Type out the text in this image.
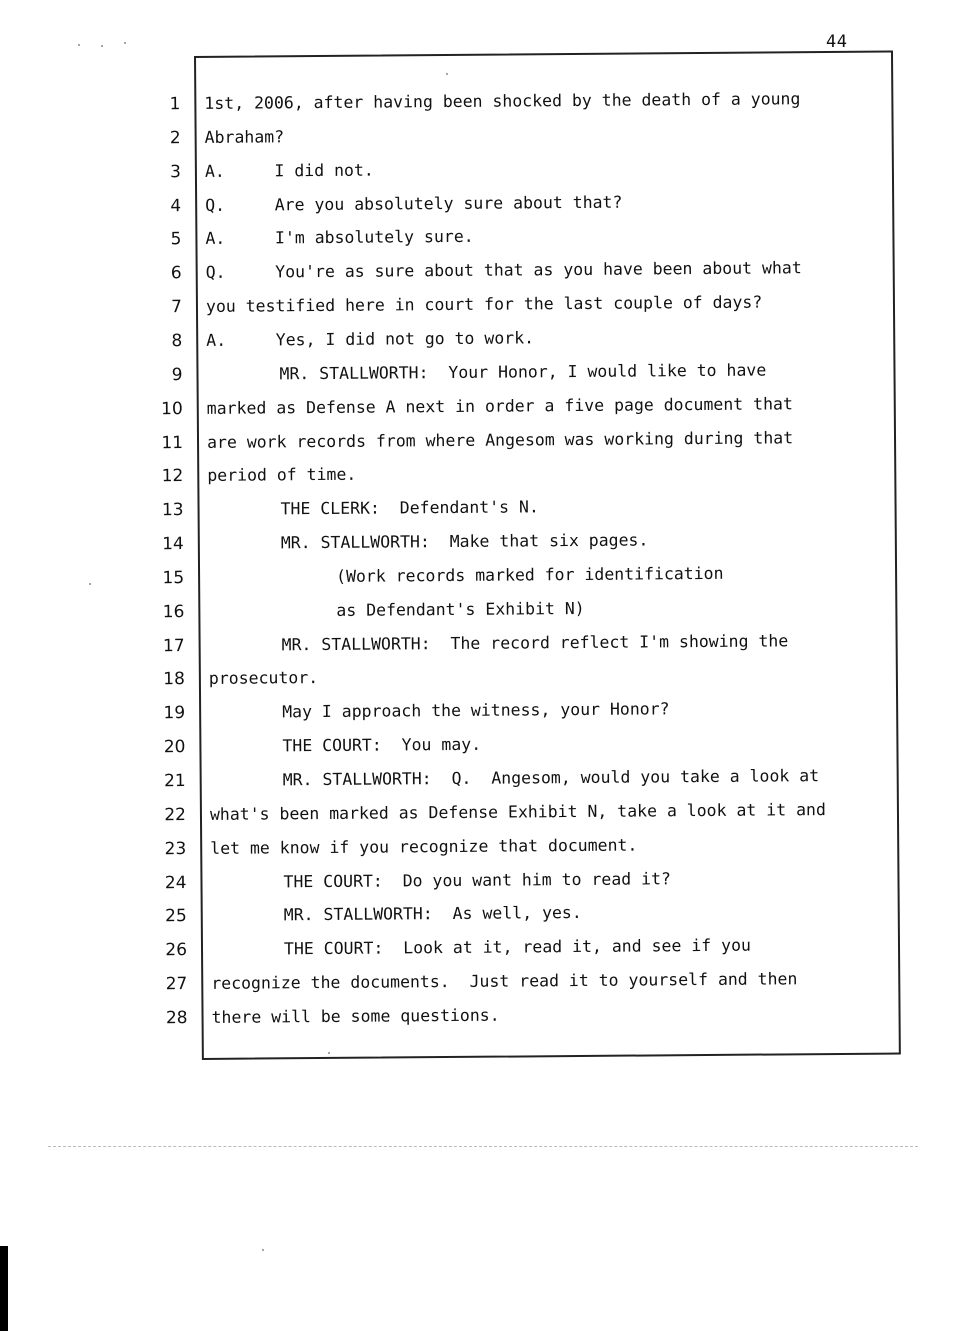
44
1 1st, 2006, after having been shocked by the death of a young
2 Abraham?
3 A.     I did not.
4 Q.     Are you absolutely sure about that?
5 A.     I'm absolutely sure.
6 Q.     You're as sure about that as you have been about what
7 you testified here in court for the last couple of days?
8 A.     Yes, I did not go to work.
9	MR. STALLWORTH:  Your Honor, I would like to have
10 marked as Defense A next in order a five page document that
11 are work records from where Angesom was working during that
12 period of time.
13	THE CLERK:  Defendant's N.
14	MR. STALLWORTH:  Make that six pages.
15	(Work records marked for identification
16	as Defendant's Exhibit N)
17	MR. STALLWORTH:  The record reflect I'm showing the
18 prosecutor.
19	May I approach the witness, your Honor?
20	THE COURT:  You may.
21	MR. STALLWORTH:  Q.  Angesom, would you take a look at
22 what's been marked as Defense Exhibit N, take a look at it and
23 let me know if you recognize that document.
24	THE COURT:  Do you want him to read it?
25	MR. STALLWORTH:  As well, yes.
26	THE COURT:  Look at it, read it, and see if you
27 recognize the documents.  Just read it to yourself and then
28 there will be some questions.
